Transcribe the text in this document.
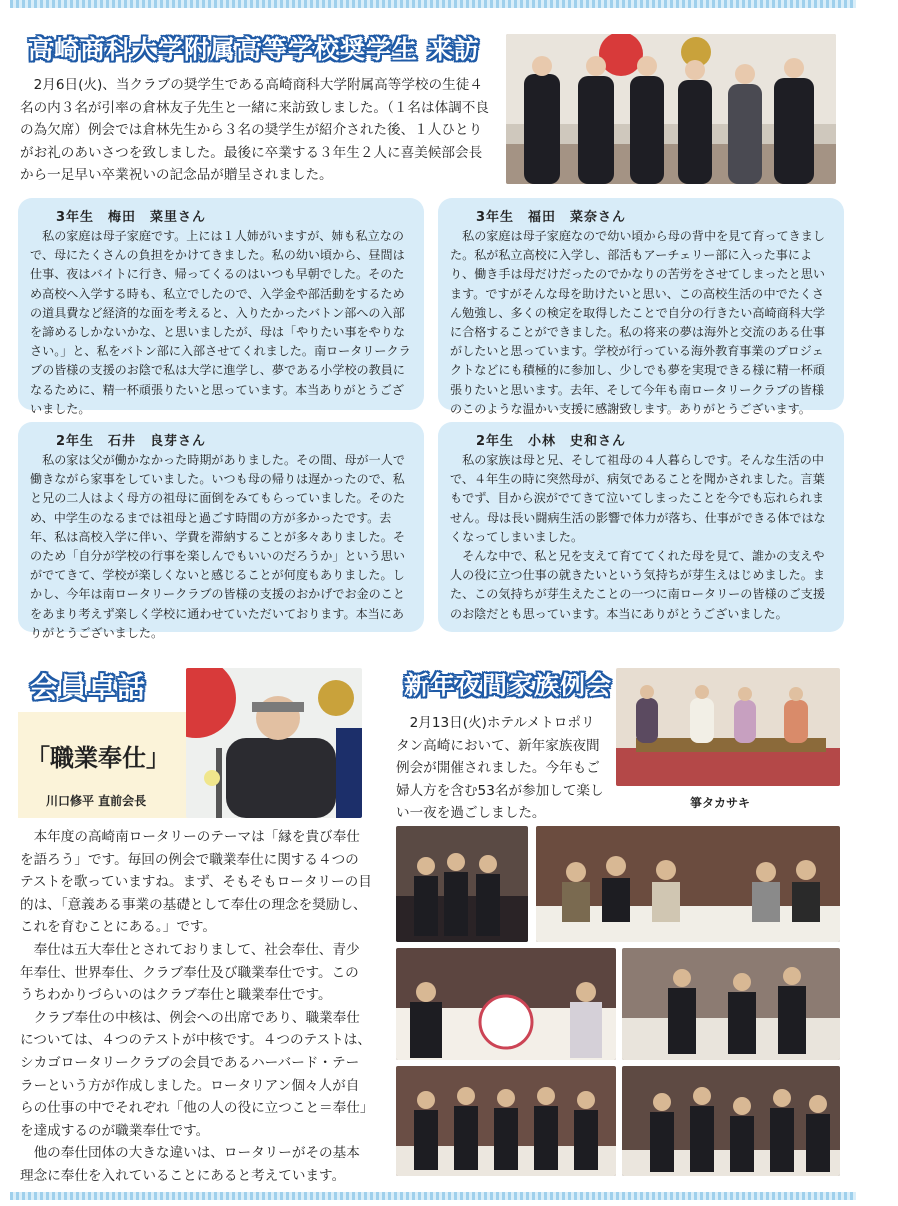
高崎商科大学附属高等学校奨学生 来訪
2月6日(火)、当クラブの奨学生である高崎商科大学附属高等学校の生徒４名の内３名が引率の倉林友子先生と一緒に来訪致しました。（１名は体調不良の為欠席）例会では倉林先生から３名の奨学生が紹介された後、１人ひとりがお礼のあいさつを致しました。最後に卒業する３年生２人に喜美候部会長から一足早い卒業祝いの記念品が贈呈されました。
3年生　梅田　菜里さん

私の家庭は母子家庭です。上には１人姉がいますが、姉も私立なので、母にたくさんの負担をかけてきました。私の幼い頃から、昼間は仕事、夜はバイトに行き、帰ってくるのはいつも早朝でした。そのため高校へ入学する時も、私立でしたので、入学金や部活動をするための道具費など経済的な面を考えると、入りたかったバトン部への入部を諦めるしかないかな、と思いましたが、母は「やりたい事をやりなさい。」と、私をバトン部に入部させてくれました。南ロータリークラブの皆様の支援のお陰で私は大学に進学し、夢である小学校の教員になるために、精一杯頑張りたいと思っています。本当ありがとうございました。

3年生　福田　菜奈さん

私の家庭は母子家庭なので幼い頃から母の背中を見て育ってきました。私が私立高校に入学し、部活もアーチェリー部に入った事により、働き手は母だけだったのでかなりの苦労をさせてしまったと思います。ですがそんな母を助けたいと思い、この高校生活の中でたくさん勉強し、多くの検定を取得したことで自分の行きたい高崎商科大学に合格することができました。私の将来の夢は海外と交流のある仕事がしたいと思っています。学校が行っている海外教育事業のプロジェクトなどにも積極的に参加し、少しでも夢を実現できる様に精一杯頑張りたいと思います。去年、そして今年も南ロータリークラブの皆様のこのような温かい支援に感謝致します。ありがとうございます。

2年生　石井　良芽さん

私の家は父が働かなかった時期がありました。その間、母が一人で働きながら家事をしていました。いつも母の帰りは遅かったので、私と兄の二人はよく母方の祖母に面倒をみてもらっていました。そのため、中学生のなるまでは祖母と過ごす時間の方が多かったです。去年、私は高校入学に伴い、学費を滞納することが多々ありました。そのため「自分が学校の行事を楽しんでもいいのだろうか」という思いがでてきて、学校が楽しくないと感じることが何度もありました。しかし、今年は南ロータリークラブの皆様の支援のおかげでお金のことをあまり考えず楽しく学校に通わせていただいております。本当にありがとうございました。

2年生　小林　史和さん

私の家族は母と兄、そして祖母の４人暮らしです。そんな生活の中で、４年生の時に突然母が、病気であることを聞かされました。言葉もでず、目から涙がでてきて泣いてしまったことを今でも忘れられません。母は長い闘病生活の影響で体力が落ち、仕事ができる体ではなくなってしまいました。

そんな中で、私と兄を支えて育ててくれた母を見て、誰かの支えや人の役に立つ仕事の就きたいという気持ちが芽生えはじめました。また、この気持ちが芽生えたことの一つに南ロータリーの皆様のご支援のお陰だとも思っています。本当にありがとうございました。

会員卓話
「職業奉仕」
川口修平 直前会長

本年度の高崎南ロータリーのテーマは「縁を貴び奉仕を語ろう」です。毎回の例会で職業奉仕に関する４つのテストを歌っていますね。まず、そもそもロータリーの目的は、「意義ある事業の基礎として奉仕の理念を奨励し、これを育むことにある。」です。

奉仕は五大奉仕とされておりまして、社会奉仕、青少年奉仕、世界奉仕、クラブ奉仕及び職業奉仕です。このうちわかりづらいのはクラブ奉仕と職業奉仕です。

クラブ奉仕の中核は、例会への出席であり、職業奉仕については、４つのテストが中核です。４つのテストは、シカゴロータリークラブの会員であるハーバード・テーラーという方が作成しました。ロータリアン個々人が自らの仕事の中でそれぞれ「他の人の役に立つこと＝奉仕」を達成するのが職業奉仕です。

他の奉仕団体の大きな違いは、ロータリーがその基本理念に奉仕を入れていることにあると考えています。

新年夜間家族例会
2月13日(火)ホテルメトロポリタン高崎において、新年家族夜間例会が開催されました。今年もご婦人方を含む53名が参加して楽しい一夜を過ごしました。
箏タカサキ
